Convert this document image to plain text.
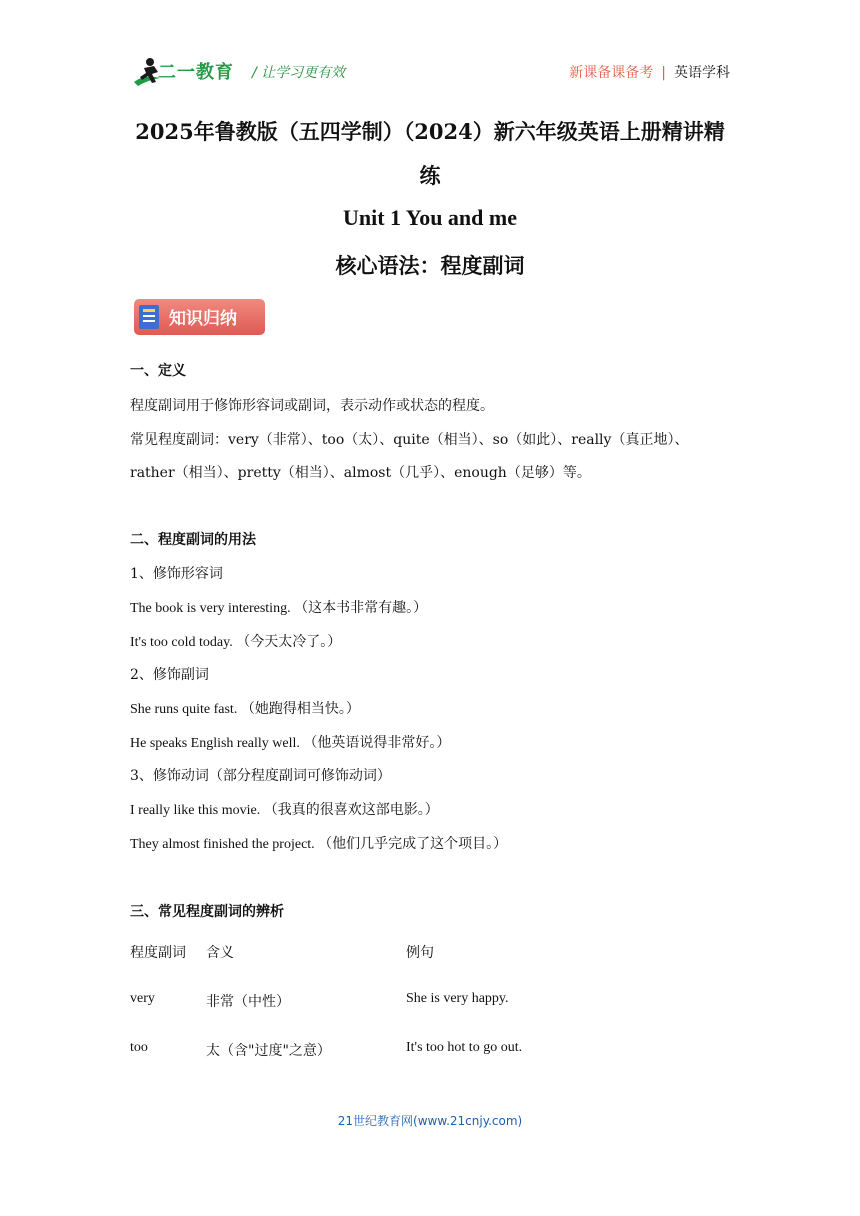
二一教育 / 让学习更有效	新课备课备考 | 英语学科
2025年鲁教版（五四学制）（2024）新六年级英语上册精讲精
练
Unit 1 You and me
核心语法：程度副词
知识归纳
一、定义
程度副词用于修饰形容词或副词，表示动作或状态的程度。
常见程度副词：very（非常）、too（太）、quite（相当）、so（如此）、really（真正地）、
rather（相当）、pretty（相当）、almost（几乎）、enough（足够）等。
二、程度副词的用法
1、修饰形容词
The book is very interesting. （这本书非常有趣。）
It's too cold today. （今天太冷了。）
2、修饰副词
She runs quite fast. （她跑得相当快。）
He speaks English really well. （他英语说得非常好。）
3、修饰动词（部分程度副词可修饰动词）
I really like this movie. （我真的很喜欢这部电影。）
They almost finished the project. （他们几乎完成了这个项目。）
三、常见程度副词的辨析
程度副词 含义	例句
very	非常（中性）	She is very happy.
too	太（含"过度"之意）	It's too hot to go out.
21世纪教育网(www.21cnjy.com)
